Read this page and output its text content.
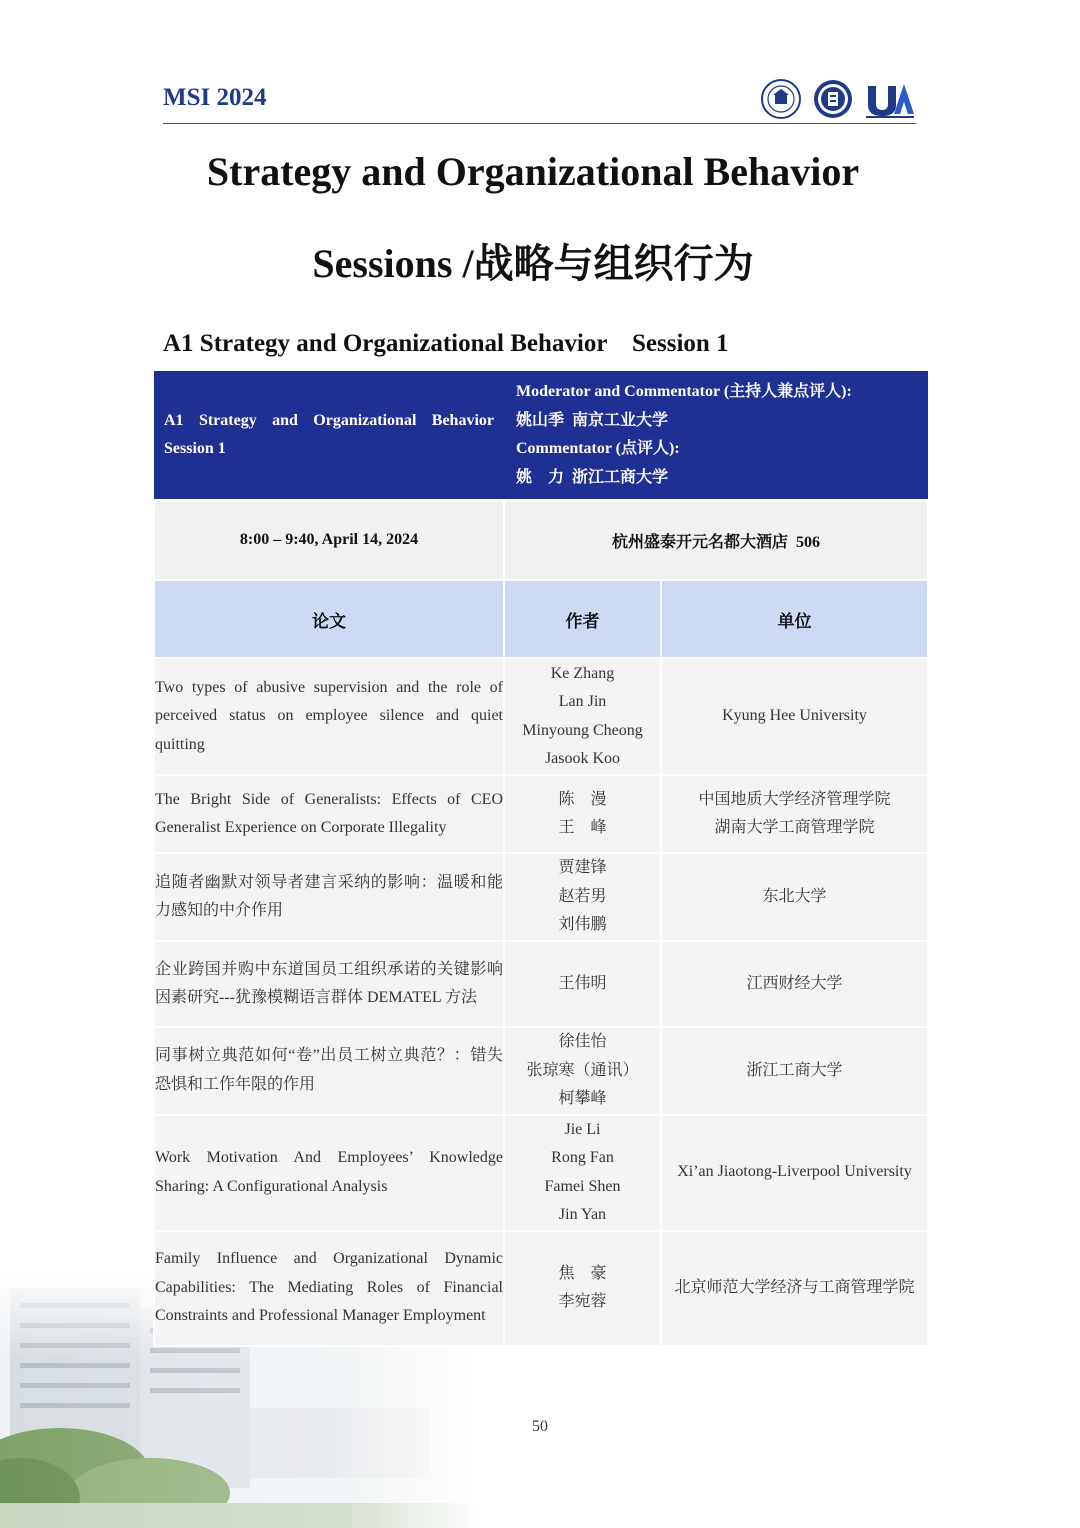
MSI 2024
Strategy and Organizational Behavior
Sessions /战略与组织行为
A1 Strategy and Organizational Behavior    Session 1
A1 Strategy and Organizational Behavior Session 1	Moderator and Commentator (主持人兼点评人):
姚山季  南京工业大学
Commentator (点评人):
姚    力  浙江工商大学	

8:00 – 9:40, April 14, 2024	杭州盛泰开元名都大酒店  506	
论文	作者	单位
Two types of abusive supervision and the role of perceived status on employee silence and quiet quitting	Ke Zhang
Lan Jin
Minyoung Cheong
Jasook Koo	Kyung Hee University

The Bright Side of Generalists: Effects of CEO Generalist Experience on Corporate Illegality	陈    漫
王    峰	中国地质大学经济管理学院
湖南大学工商管理学院

追随者幽默对领导者建言采纳的影响：温暖和能力感知的中介作用	贾建锋
赵若男
刘伟鹏	东北大学

企业跨国并购中东道国员工组织承诺的关键影响因素研究---犹豫模糊语言群体 DEMATEL 方法	王伟明	江西财经大学

同事树立典范如何“卷”出员工树立典范？：错失恐惧和工作年限的作用	徐佳怡
张琼寒（通讯）
柯攀峰	浙江工商大学

Work Motivation And Employees’ Knowledge Sharing: A Configurational Analysis	Jie Li
Rong Fan
Famei Shen
Jin Yan	Xi’an Jiaotong-Liverpool University

Family Influence and Organizational Dynamic Capabilities: The Mediating Roles of Financial Constraints and Professional Manager Employment	焦    豪
李宛蓉	北京师范大学经济与工商管理学院
50
